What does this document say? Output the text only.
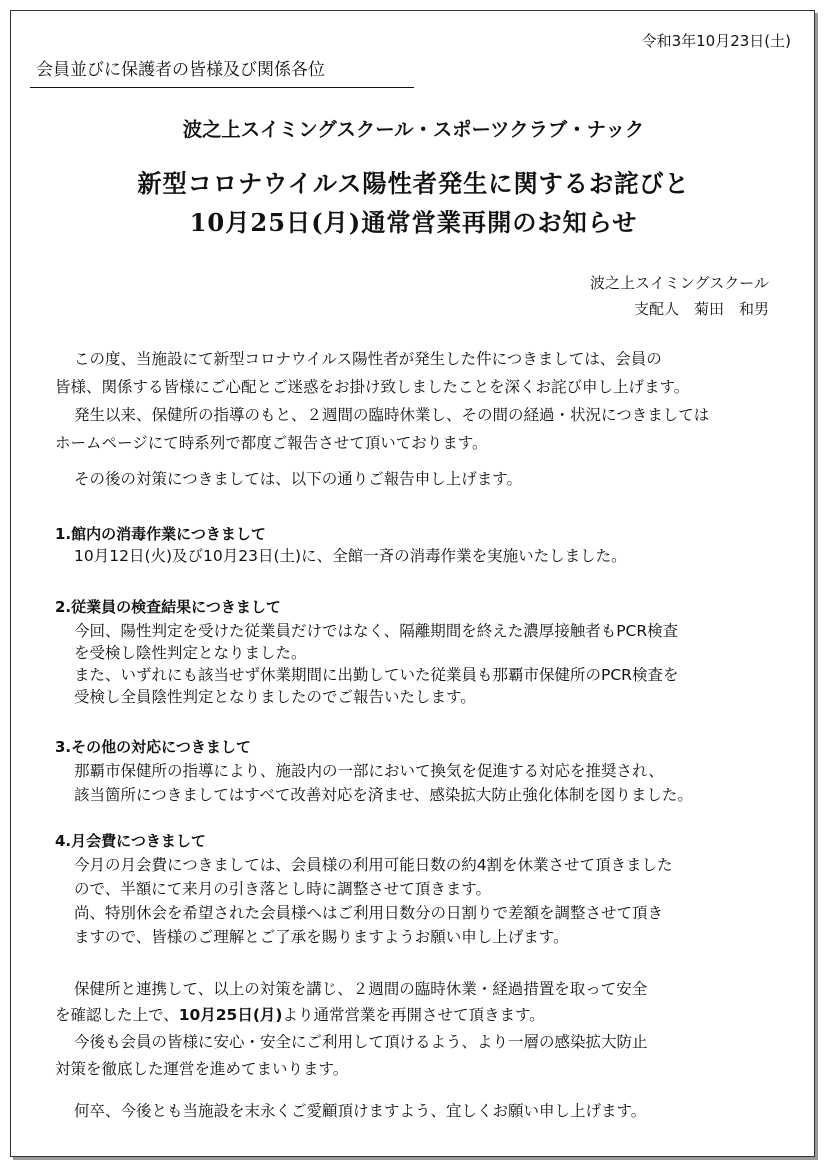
令和3年10月23日(土)
会員並びに保護者の皆様及び関係各位
波之上スイミングスクール・スポーツクラブ・ナック
新型コロナウイルス陽性者発生に関するお詫びと
10月25日(月)通常営業再開のお知らせ
波之上スイミングスクール
支配人　菊田　和男
この度、当施設にて新型コロナウイルス陽性者が発生した件につきましては、会員の
皆様、関係する皆様にご心配とご迷惑をお掛け致しましたことを深くお詫び申し上げます。
発生以来、保健所の指導のもと、２週間の臨時休業し、その間の経過・状況につきましては
ホームページにて時系列で都度ご報告させて頂いております。
その後の対策につきましては、以下の通りご報告申し上げます。
1.館内の消毒作業につきまして
10月12日(火)及び10月23日(土)に、全館一斉の消毒作業を実施いたしました。
2.従業員の検査結果につきまして
今回、陽性判定を受けた従業員だけではなく、隔離期間を終えた濃厚接触者もPCR検査
を受検し陰性判定となりました。
また、いずれにも該当せず休業期間に出勤していた従業員も那覇市保健所のPCR検査を
受検し全員陰性判定となりましたのでご報告いたします。
3.その他の対応につきまして
那覇市保健所の指導により、施設内の一部において換気を促進する対応を推奨され、
該当箇所につきましてはすべて改善対応を済ませ、感染拡大防止強化体制を図りました。
4.月会費につきまして
今月の月会費につきましては、会員様の利用可能日数の約4割を休業させて頂きました
ので、半額にて来月の引き落とし時に調整させて頂きます。
尚、特別休会を希望された会員様へはご利用日数分の日割りで差額を調整させて頂き
ますので、皆様のご理解とご了承を賜りますようお願い申し上げます。
保健所と連携して、以上の対策を講じ、２週間の臨時休業・経過措置を取って安全
を確認した上で、10月25日(月)より通常営業を再開させて頂きます。
今後も会員の皆様に安心・安全にご利用して頂けるよう、より一層の感染拡大防止
対策を徹底した運営を進めてまいります。
何卒、今後とも当施設を末永くご愛顧頂けますよう、宜しくお願い申し上げます。
